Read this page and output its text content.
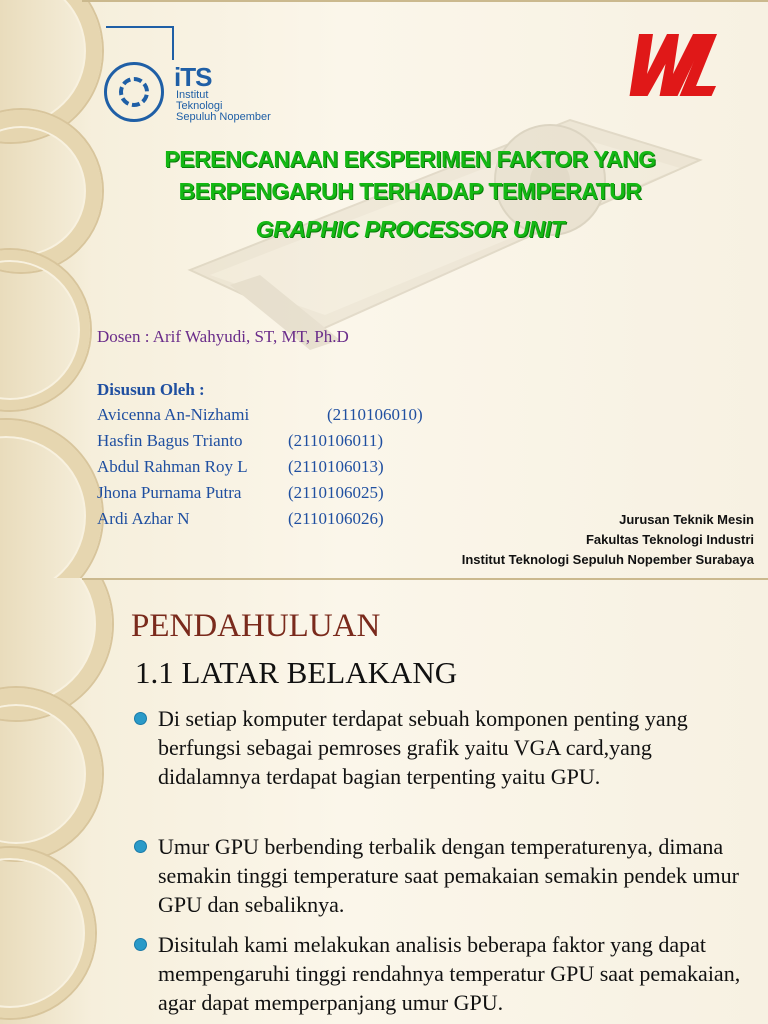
iTS
Institut
Teknologi
Sepuluh Nopember
PERENCANAAN EKSPERIMEN FAKTOR YANG
BERPENGARUH TERHADAP TEMPERATUR
GRAPHIC PROCESSOR UNIT
Dosen : Arif Wahyudi, ST, MT, Ph.D
Disusun Oleh :
Avicenna An-Nizhami	(2110106010)
Hasfin Bagus Trianto	(2110106011)
Abdul Rahman Roy L (2110106013)
Jhona Purnama Putra	(2110106025)
Ardi Azhar N	(2110106026)	Jurusan Teknik Mesin
Fakultas Teknologi Industri
Institut Teknologi Sepuluh Nopember Surabaya
PENDAHULUAN
1.1 LATAR BELAKANG
Di setiap komputer terdapat sebuah komponen penting yang berfungsi sebagai pemroses grafik yaitu VGA card,yang didalamnya terdapat bagian terpenting yaitu GPU.
Umur GPU berbending terbalik dengan temperaturenya, dimana semakin tinggi temperature saat pemakaian semakin pendek umur GPU dan sebaliknya.
Disitulah kami melakukan analisis beberapa faktor yang dapat mempengaruhi tinggi rendahnya temperatur GPU saat pemakaian, agar dapat memperpanjang umur GPU.
